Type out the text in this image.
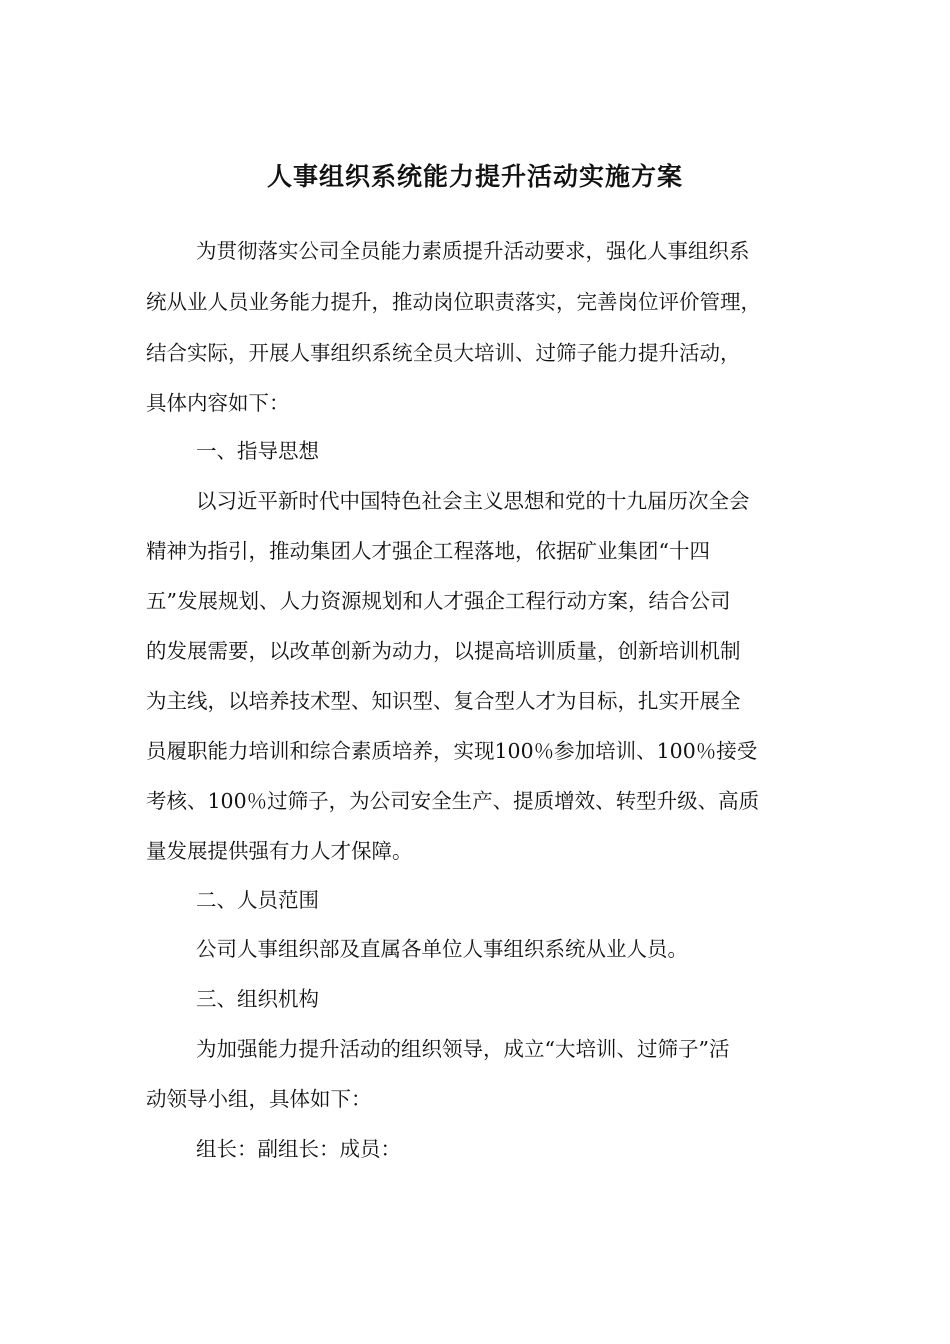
人事组织系统能力提升活动实施方案
为贯彻落实公司全员能力素质提升活动要求，强化人事组织系
统从业人员业务能力提升，推动岗位职责落实，完善岗位评价管理，
结合实际，开展人事组织系统全员大培训、过筛子能力提升活动，
具体内容如下：
一、指导思想
以习近平新时代中国特色社会主义思想和党的十九届历次全会
精神为指引，推动集团人才强企工程落地，依据矿业集团“十四
五”发展规划、人力资源规划和人才强企工程行动方案，结合公司
的发展需要，以改革创新为动力，以提高培训质量，创新培训机制
为主线，以培养技术型、知识型、复合型人才为目标，扎实开展全
员履职能力培训和综合素质培养，实现100％参加培训、100％接受
考核、100％过筛子，为公司安全生产、提质增效、转型升级、高质
量发展提供强有力人才保障。
二、人员范围
公司人事组织部及直属各单位人事组织系统从业人员。
三、组织机构
为加强能力提升活动的组织领导，成立“大培训、过筛子”活
动领导小组，具体如下：
组长：副组长：成员：
